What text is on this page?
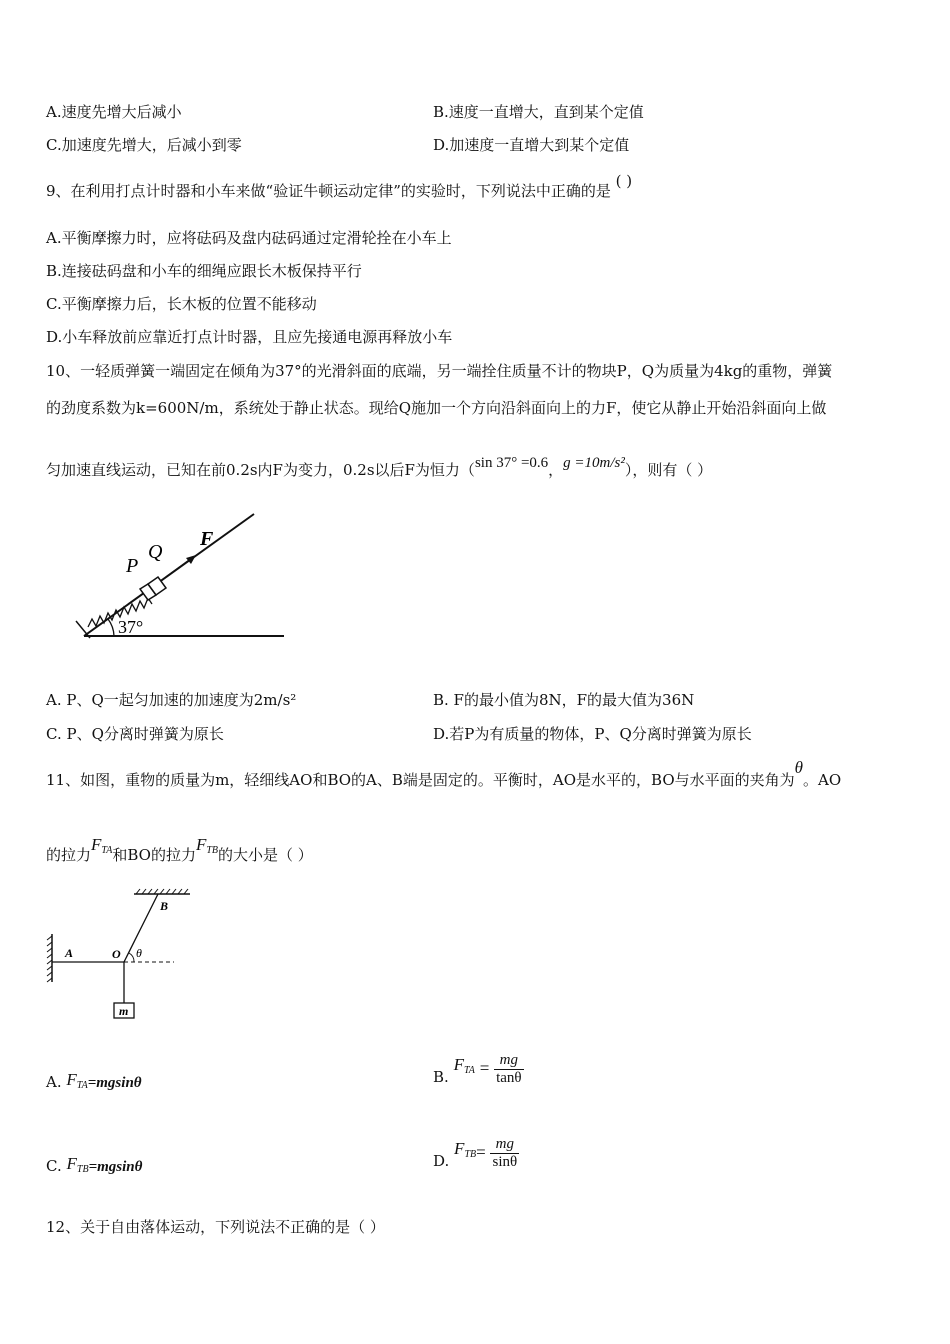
A.速度先增大后减小	B.速度一直增大，直到某个定值
C.加速度先增大，后减小到零	D.加速度一直增大到某个定值
9、在利用打点计时器和小车来做“验证牛顿运动定律”的实验时，下列说法中正确的是 ( )
A.平衡摩擦力时，应将砝码及盘内砝码通过定滑轮拴在小车上
B.连接砝码盘和小车的细绳应跟长木板保持平行
C.平衡摩擦力后，长木板的位置不能移动
D.小车释放前应靠近打点计时器，且应先接通电源再释放小车
10、一轻质弹簧一端固定在倾角为37°的光滑斜面的底端，另一端拴住质量不计的物块P，Q为质量为4kg的重物，弹簧
的劲度系数为k=600N/m，系统处于静止状态。现给Q施加一个方向沿斜面向上的力F，使它从静止开始沿斜面向上做
匀加速直线运动，已知在前0.2s内F为变力，0.2s以后F为恒力（sin 37° =0.6，g =10m/s²），则有（ ）
P
Q
F
37°
A. P、Q一起匀加速的加速度为2m/s²	B. F的最小值为8N，F的最大值为36N
C. P、Q分离时弹簧为原长	D.若P为有质量的物体，P、Q分离时弹簧为原长
11、如图，重物的质量为m，轻细线AO和BO的A、B端是固定的。平衡时，AO是水平的，BO与水平面的夹角为θ。AO
的拉力$F_{TA}$和BO的拉力$F_{TB}$的大小是（ ）
A
B
O θ
m
A. $F_{TA}=mgsin\theta$	B. $F_{TA} = \frac{mg}{\tan\theta}$
C. $F_{TB}=mgsin\theta$	D. $F_{TB}= \frac{mg}{\sin\theta}$
12、关于自由落体运动，下列说法不正确的是（ ）
